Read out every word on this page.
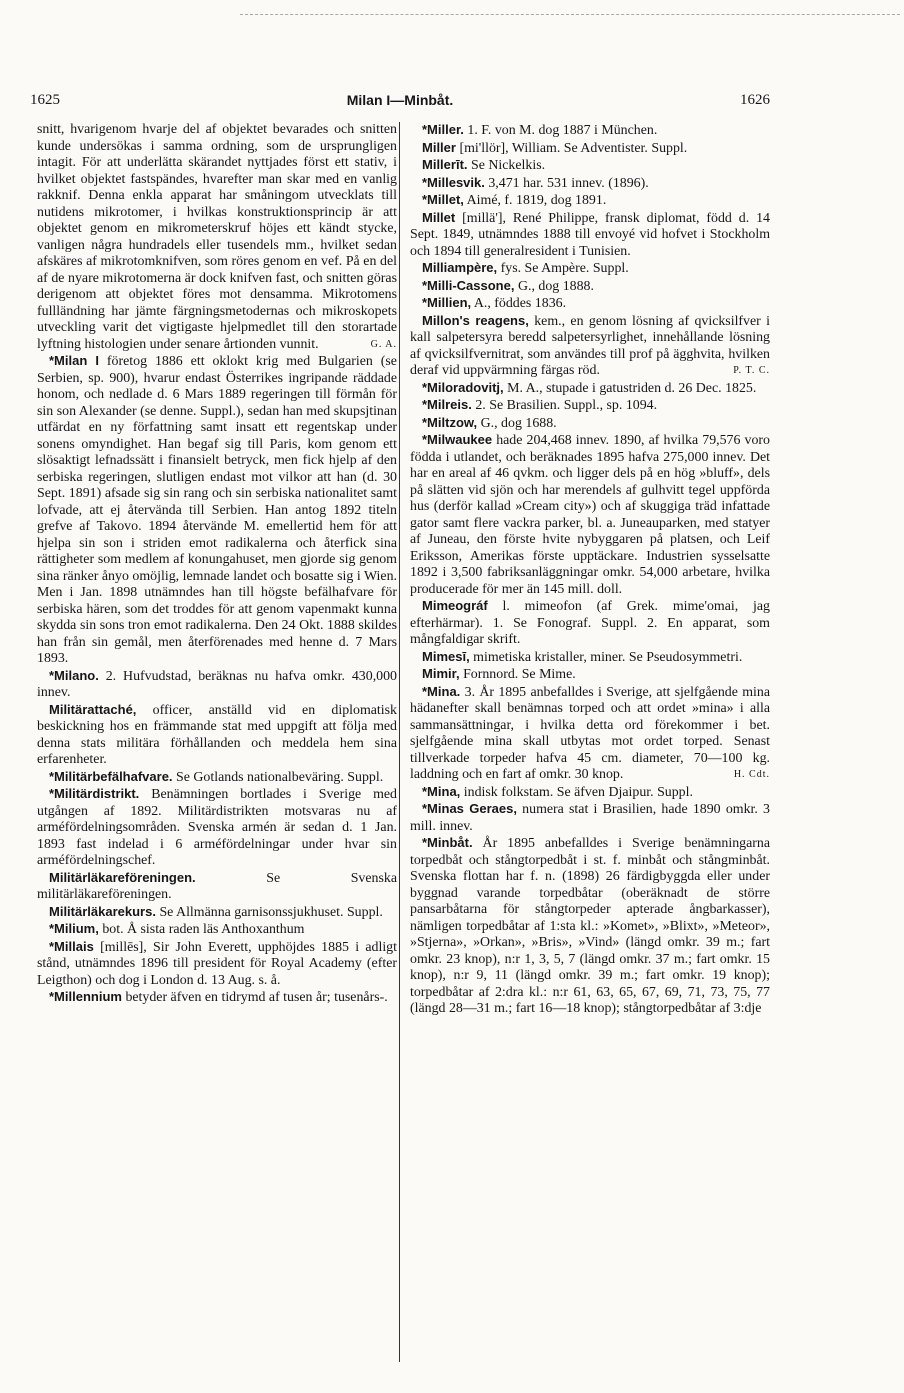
1625	Milan I—Minbåt.	1626

snitt, hvarigenom hvarje del af objektet bevarades och snitten kunde undersökas i samma ordning, som de ursprungligen intagit. För att underlätta skärandet nyttjades först ett stativ, i hvilket objektet fastspändes, hvarefter man skar med en vanlig rakknif. Denna enkla apparat har småningom utvecklats till nutidens mikrotomer, i hvilkas konstruktionsprincip är att objektet genom en mikrometerskruf höjes ett kändt stycke, vanligen några hundradels eller tusendels mm., hvilket sedan afskäres af mikrotomknifven, som röres genom en vef. På en del af de nyare mikrotomerna är dock knifven fast, och snitten göras derigenom att objektet föres mot densamma. Mikrotomens fullländning har jämte färgningsmetodernas och mikroskopets utveckling varit det vigtigaste hjelpmedlet till den storartade lyftning histologien under senare årtionden vunnit.	G. A.

*Milan I företog 1886 ett oklokt krig med Bulgarien (se Serbien, sp. 900), hvarur endast Österrikes ingripande räddade honom, och nedlade d. 6 Mars 1889 regeringen till förmån för sin son Alexander (se denne. Suppl.), sedan han med skupsjtinan utfärdat en ny författning samt insatt ett regentskap under sonens omyndighet. Han begaf sig till Paris, kom genom ett slösaktigt lefnadssätt i finansielt betryck, men fick hjelp af den serbiska regeringen, slutligen endast mot vilkor att han (d. 30 Sept. 1891) afsade sig sin rang och sin serbiska nationalitet samt lofvade, att ej återvända till Serbien. Han antog 1892 titeln grefve af Takovo. 1894 återvände M. emellertid hem för att hjelpa sin son i striden emot radikalerna och återfick sina rättigheter som medlem af konungahuset, men gjorde sig genom sina ränker ånyo omöjlig, lemnade landet och bosatte sig i Wien. Men i Jan. 1898 utnämndes han till högste befälhafvare för serbiska hären, som det troddes för att genom vapenmakt kunna skydda sin sons tron emot radikalerna. Den 24 Okt. 1888 skildes han från sin gemål, men återförenades med henne d. 7 Mars 1893.

*Milano. 2. Hufvudstad, beräknas nu hafva omkr. 430,000 innev.

Militärattaché, officer, anställd vid en diplomatisk beskickning hos en främmande stat med uppgift att följa med denna stats militära förhållanden och meddela hem sina erfarenheter.

*Militärbefälhafvare. Se Gotlands nationalbeväring. Suppl.

*Militärdistrikt. Benämningen bortlades i Sverige med utgången af 1892. Militärdistrikten motsvaras nu af arméfördelningsområden. Svenska armén är sedan d. 1 Jan. 1893 fast indelad i 6 arméfördelningar under hvar sin arméfördelningschef.

Militärläkareföreningen.	Se Svenska militärläkareföreningen.

Militärläkarekurs. Se Allmänna garnisonssjukhuset. Suppl.

*Milium, bot. Å sista raden läs Anthoxanthum

*Millais [millēs], Sir John Everett, upphöjdes 1885 i adligt stånd, utnämndes 1896 till president för Royal Academy (efter Leigthon) och dog i London d. 13 Aug. s. å.

*Millennium betyder äfven en tidrymd af tusen år; tusenårs-.

*Miller. 1. F. von M. dog 1887 i München.

Miller [mi'llör], William. Se Adventister. Suppl.

Millerīt. Se Nickelkis.

*Millesvik. 3,471 har. 531 innev. (1896).

*Millet, Aimé, f. 1819, dog 1891.

Millet [millä'], René Philippe, fransk diplomat, född d. 14 Sept. 1849, utnämndes 1888 till envoyé vid hofvet i Stockholm och 1894 till generalresident i Tunisien.

Milliampère, fys. Se Ampère. Suppl.

*Milli-Cassone, G., dog 1888.

*Millien, A., föddes 1836.

Millon's reagens, kem., en genom lösning af qvicksilfver i kall salpetersyra beredd salpetersyrlighet, innehållande lösning af qvicksilfvernitrat, som användes till prof på ägghvita, hvilken deraf vid uppvärmning färgas röd.	P. T. C.

*Miloradovitj, M. A., stupade i gatustriden d. 26 Dec. 1825.

*Milreis. 2. Se Brasilien. Suppl., sp. 1094.

*Miltzow, G., dog 1688.

*Milwaukee hade 204,468 innev. 1890, af hvilka 79,576 voro födda i utlandet, och beräknades 1895 hafva 275,000 innev. Det har en areal af 46 qvkm. och ligger dels på en hög »bluff», dels på slätten vid sjön och har merendels af gulhvitt tegel uppförda hus (derför kallad »Cream city») och af skuggiga träd infattade gator samt flere vackra parker, bl. a. Juneauparken, med statyer af Juneau, den förste hvite nybyggaren på platsen, och Leif Eriksson, Amerikas förste upptäckare. Industrien sysselsatte 1892 i 3,500 fabriksanläggningar omkr. 54,000 arbetare, hvilka producerade för mer än 145 mill. doll.

Mimeográf l. mimeofon (af Grek. mime'omai, jag efterhärmar). 1. Se Fonograf. Suppl. 2. En apparat, som mångfaldigar skrift.

Mimesī, mimetiska kristaller, miner. Se Pseudosymmetri.

Mimir, Fornnord. Se Mime.

*Mina. 3. År 1895 anbefalldes i Sverige, att sjelfgående mina hädanefter skall benämnas torped och att ordet »mina» i alla sammansättningar, i hvilka detta ord förekommer i bet. sjelfgående mina skall utbytas mot ordet torped. Senast tillverkade torpeder hafva 45 cm. diameter, 70—100 kg. laddning och en fart af omkr. 30 knop.	H. Cdt.

*Mina, indisk folkstam. Se äfven Djaipur. Suppl.

*Minas Geraes, numera stat i Brasilien, hade 1890 omkr. 3 mill. innev.

*Minbåt. År 1895 anbefalldes i Sverige benämningarna torpedbåt och stångtorpedbåt i st. f. minbåt och stångminbåt. Svenska flottan har f. n. (1898) 26 färdigbyggda eller under byggnad varande torpedbåtar (oberäknadt de större pansarbåtarna för stångtorpeder apterade ångbarkasser), nämligen torpedbåtar af 1:sta kl.: »Komet», »Blixt», »Meteor», »Stjerna», »Orkan», »Bris», »Vind» (längd omkr. 39 m.; fart omkr. 23 knop), n:r 1, 3, 5, 7 (längd omkr. 37 m.; fart omkr. 15 knop), n:r 9, 11 (längd omkr. 39 m.; fart omkr. 19 knop); torpedbåtar af 2:dra kl.: n:r 61, 63, 65, 67, 69, 71, 73, 75, 77 (längd 28—31 m.; fart 16—18 knop); stångtorpedbåtar af 3:dje
